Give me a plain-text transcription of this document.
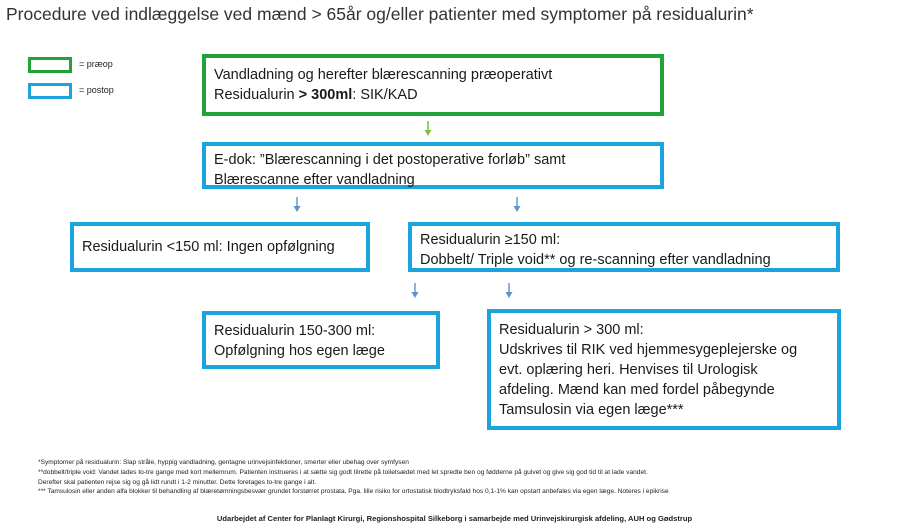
Procedure ved indlæggelse ved mænd > 65år og/eller patienter med symptomer på residualurin*
= præop
= postop
Vandladning og herefter blærescanning præoperativt
Residualurin > 300ml: SIK/KAD
E-dok: ”Blærescanning i det postoperative forløb” samt
Blærescanne efter vandladning
Residualurin <150 ml: Ingen opfølgning	Residualurin ≥150 ml:
Dobbelt/ Triple void** og re-scanning efter vandladning
Residualurin 150-300 ml:
Opfølgning hos egen læge
Residualurin > 300 ml:
Udskrives til RIK ved hjemmesygeplejerske og
evt. oplæring heri. Henvises til Urologisk
afdeling. Mænd kan med fordel påbegynde
Tamsulosin via egen læge***
*Symptomer på residualurin: Slap stråle, hyppig vandladning, gentagne urinvejsinfektioner, smerter eller ubehag over symfysen
**dobbelt/triple void: Vandet lades to-tre gange med kort mellemrum. Patienten instrueres i at sætte sig godt tilrette på toiletsædet med let spredte ben og fødderne på gulvet og give sig god tid til at lade vandet.
Derefter skal patienten rejse sig og gå lidt rundt i 1-2 minutter. Dette foretages to-tre gange i alt.
*** Tamsulosin eller anden alfa blokker til behandling af blæretømningsbesvær grundet forstørret prostata. Pga. lille risiko for ortostatisk blodtryksfald hos 0,1-1% kan opstart anbefales via egen læge. Noteres i epikrise
Udarbejdet af Center for Planlagt Kirurgi, Regionshospital Silkeborg i samarbejde med Urinvejskirurgisk afdeling, AUH og Gødstrup
